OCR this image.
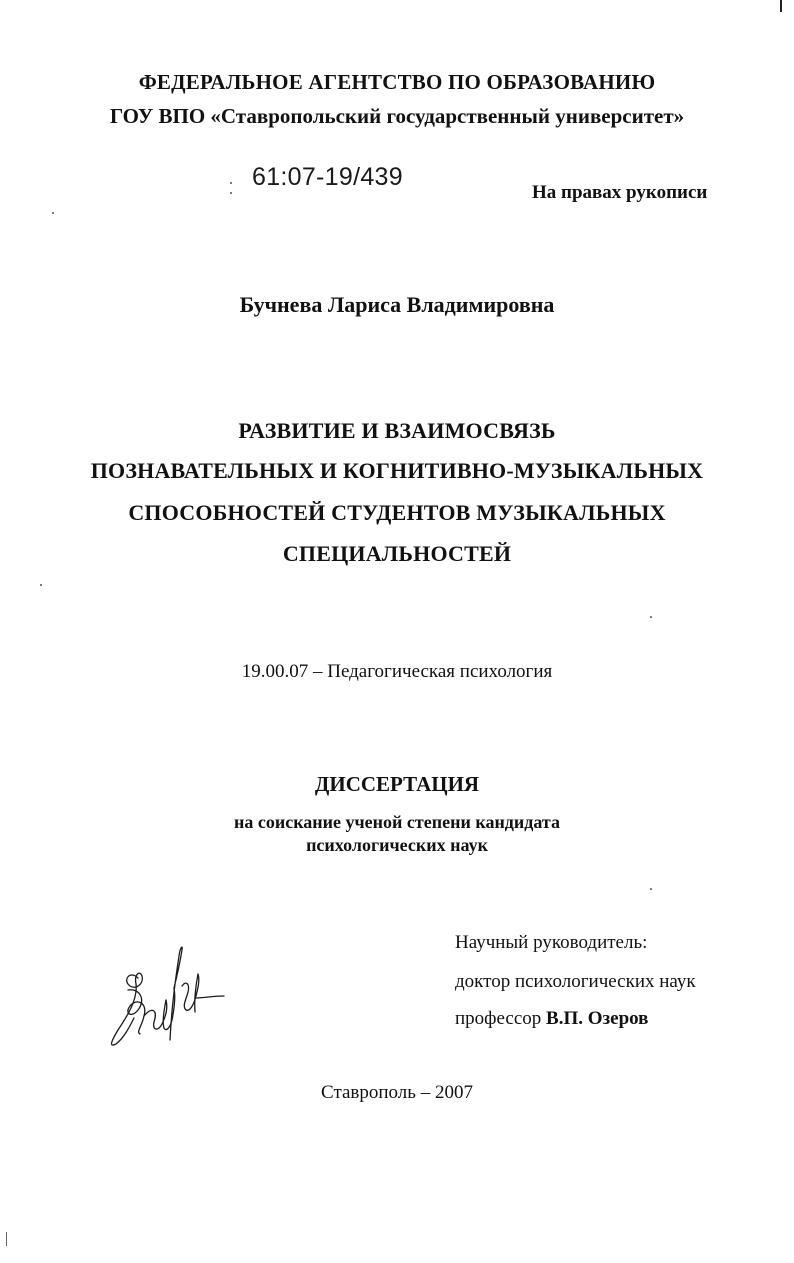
ФЕДЕРАЛЬНОЕ АГЕНТСТВО ПО ОБРАЗОВАНИЮ
ГОУ ВПО «Ставропольский государственный университет»
61:07-19/439
На правах рукописи
Бучнева Лариса Владимировна
РАЗВИТИЕ И ВЗАИМОСВЯЗЬ
ПОЗНАВАТЕЛЬНЫХ И КОГНИТИВНО-МУЗЫКАЛЬНЫХ
СПОСОБНОСТЕЙ СТУДЕНТОВ МУЗЫКАЛЬНЫХ
СПЕЦИАЛЬНОСТЕЙ
19.00.07 – Педагогическая психология
ДИССЕРТАЦИЯ
на соискание ученой степени кандидата
психологических наук
Научный руководитель:
доктор психологических наук
профессор В.П. Озеров
Ставрополь – 2007
